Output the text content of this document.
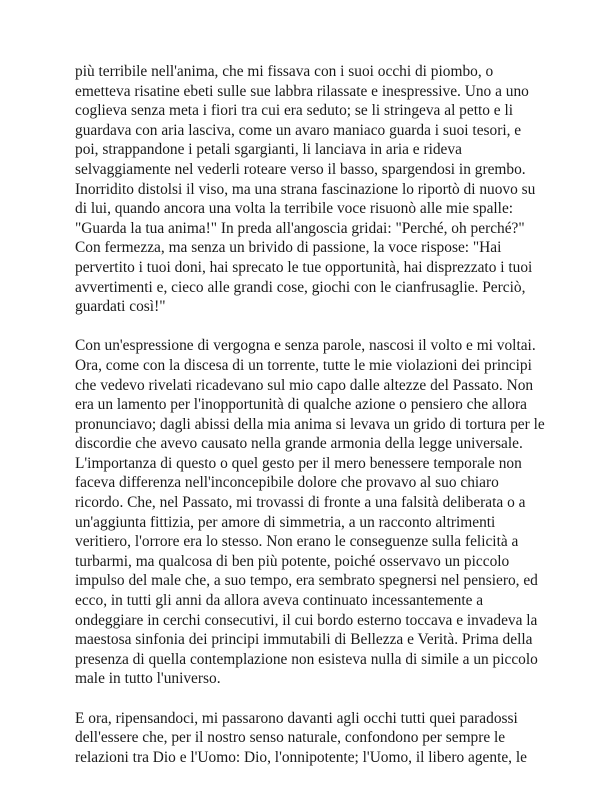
più terribile nell'anima, che mi fissava con i suoi occhi di piombo, o
emetteva risatine ebeti sulle sue labbra rilassate e inespressive. Uno a uno
coglieva senza meta i fiori tra cui era seduto; se li stringeva al petto e li
guardava con aria lasciva, come un avaro maniaco guarda i suoi tesori, e
poi, strappandone i petali sgargianti, li lanciava in aria e rideva
selvaggiamente nel vederli roteare verso il basso, spargendosi in grembo.
Inorridito distolsi il viso, ma una strana fascinazione lo riportò di nuovo su
di lui, quando ancora una volta la terribile voce risuonò alle mie spalle:
"Guarda la tua anima!" In preda all'angoscia gridai: "Perché, oh perché?"
Con fermezza, ma senza un brivido di passione, la voce rispose: "Hai
pervertito i tuoi doni, hai sprecato le tue opportunità, hai disprezzato i tuoi
avvertimenti e, cieco alle grandi cose, giochi con le cianfrusaglie. Perciò,
guardati così!"
Con un'espressione di vergogna e senza parole, nascosi il volto e mi voltai.
Ora, come con la discesa di un torrente, tutte le mie violazioni dei principi
che vedevo rivelati ricadevano sul mio capo dalle altezze del Passato. Non
era un lamento per l'inopportunità di qualche azione o pensiero che allora
pronunciavo; dagli abissi della mia anima si levava un grido di tortura per le
discordie che avevo causato nella grande armonia della legge universale.
L'importanza di questo o quel gesto per il mero benessere temporale non
faceva differenza nell'inconcepibile dolore che provavo al suo chiaro
ricordo. Che, nel Passato, mi trovassi di fronte a una falsità deliberata o a
un'aggiunta fittizia, per amore di simmetria, a un racconto altrimenti
veritiero, l'orrore era lo stesso. Non erano le conseguenze sulla felicità a
turbarmi, ma qualcosa di ben più potente, poiché osservavo un piccolo
impulso del male che, a suo tempo, era sembrato spegnersi nel pensiero, ed
ecco, in tutti gli anni da allora aveva continuato incessantemente a
ondeggiare in cerchi consecutivi, il cui bordo esterno toccava e invadeva la
maestosa sinfonia dei principi immutabili di Bellezza e Verità. Prima della
presenza di quella contemplazione non esisteva nulla di simile a un piccolo
male in tutto l'universo.
E ora, ripensandoci, mi passarono davanti agli occhi tutti quei paradossi
dell'essere che, per il nostro senso naturale, confondono per sempre le
relazioni tra Dio e l'Uomo: Dio, l'onnipotente; l'Uomo, il libero agente, le
